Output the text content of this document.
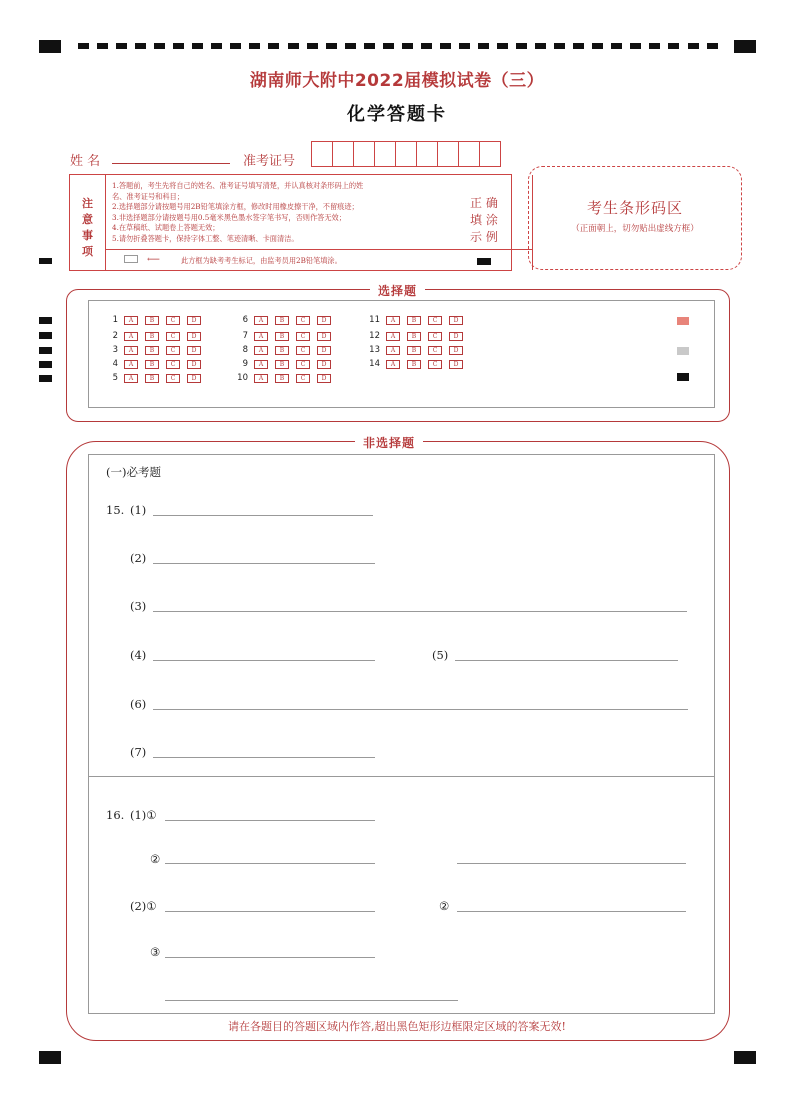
湖南师大附中2022届模拟试卷（三）
化学答题卡
姓 名	准考证号
注
意
事
项
1.答题前，考生先将自己的姓名、准考证号填写清楚，并认真核对条形码上的姓
名、准考证号和科目；
2.选择题部分请按题号用2B铅笔填涂方框，修改时用橡皮擦干净，不留痕迹；
3.非选择题部分请按题号用0.5毫米黑色墨水签字笔书写，否则作答无效；
4.在草稿纸、试题卷上答题无效；
5.请勿折叠答题卡，保持字体工整、笔迹清晰、卡面清洁。
⟵	此方框为缺考考生标记，由监考员用2B铅笔填涂。
正 确
填 涂
示 例
考生条形码区
（正面朝上，切勿贴出虚线方框）
选择题
1	A	B	C	D
2	A	B	C	D
3	A	B	C	D
4	A	B	C	D
5	A	B	C	D
6	A	B	C	D
7	A	B	C	D
8	A	B	C	D
9	A	B	C	D
10	A	B	C	D
11	A	B	C	D
12	A	B	C	D
13	A	B	C	D
14	A	B	C	D
非选择题
(一)必考题
15. (1)
(2)
(3)
(4)	(5)
(6)
(7)
16. (1)①
②
(2)①	②
③
请在各题目的答题区域内作答,超出黑色矩形边框限定区域的答案无效!
